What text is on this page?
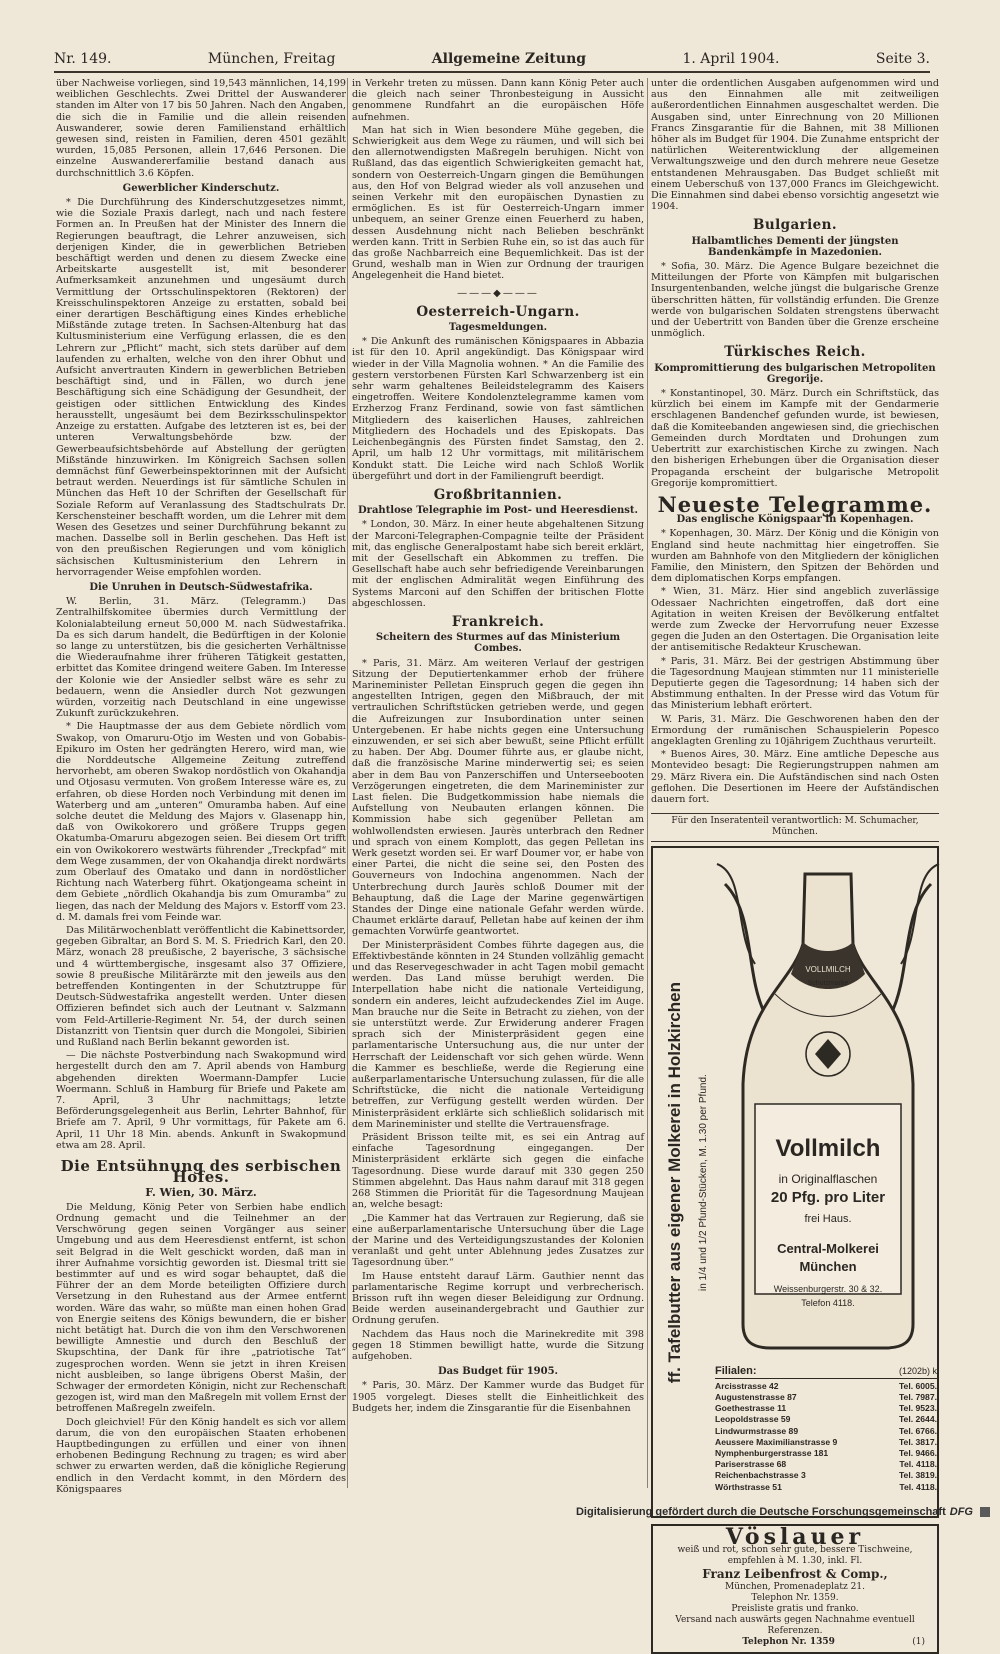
Nr. 149.	München, Freitag	Allgemeine Zeitung	1. April 1904.	Seite 3.

über Nachweise vorliegen, sind 19,543 männlichen, 14,199 weiblichen Geschlechts. Zwei Drittel der Auswanderer standen im Alter von 17 bis 50 Jahren. Nach den Angaben, die sich die in Familie und die allein reisenden Auswanderer, sowie deren Familienstand erhältlich gewesen sind, reisten in Familien, deren 4501 gezählt wurden, 15,085 Personen, allein 17,646 Personen. Die einzelne Auswandererfamilie bestand danach aus durchschnittlich 3.6 Köpfen.

Gewerblicher Kinderschutz.

* Die Durchführung des Kinderschutzgesetzes nimmt, wie die Soziale Praxis darlegt, nach und nach festere Formen an. In Preußen hat der Minister des Innern die Regierungen beauftragt, die Lehrer anzuweisen, sich derjenigen Kinder, die in gewerblichen Betrieben beschäftigt werden und denen zu diesem Zwecke eine Arbeitskarte ausgestellt ist, mit besonderer Aufmerksamkeit anzunehmen und ungesäumt durch Vermittlung der Ortsschulinspektoren (Rektoren) der Kreisschulinspektoren Anzeige zu erstatten, sobald bei einer derartigen Beschäftigung eines Kindes erhebliche Mißstände zutage treten. In Sachsen-Altenburg hat das Kultusministerium eine Verfügung erlassen, die es den Lehrern zur „Pflicht“ macht, sich stets darüber auf dem laufenden zu erhalten, welche von den ihrer Obhut und Aufsicht anvertrauten Kindern in gewerblichen Betrieben beschäftigt sind, und in Fällen, wo durch jene Beschäftigung sich eine Schädigung der Gesundheit, der geistigen oder sittlichen Entwicklung des Kindes herausstellt, ungesäumt bei dem Bezirksschulinspektor Anzeige zu erstatten. Aufgabe des letzteren ist es, bei der unteren Verwaltungsbehörde bzw. der Gewerbeaufsichtsbehörde auf Abstellung der gerügten Mißstände hinzuwirken. Im Königreich Sachsen sollen demnächst fünf Gewerbeinspektorinnen mit der Aufsicht betraut werden. Neuerdings ist für sämtliche Schulen in München das Heft 10 der Schriften der Gesellschaft für Soziale Reform auf Veranlassung des Stadtschulrats Dr. Kerschensteiner beschafft worden, um die Lehrer mit dem Wesen des Gesetzes und seiner Durchführung bekannt zu machen. Dasselbe soll in Berlin geschehen. Das Heft ist von den preußischen Regierungen und vom königlich sächsischen Kultusministerium den Lehrern in hervorragender Weise empfohlen worden.

Die Unruhen in Deutsch-Südwestafrika.

W. Berlin, 31. März. (Telegramm.) Das Zentralhilfskomitee übermies durch Vermittlung der Kolonialabteilung erneut 50,000 M. nach Südwestafrika. Da es sich darum handelt, die Bedürftigen in der Kolonie so lange zu unterstützen, bis die gesicherten Verhältnisse die Wiederaufnahme ihrer früheren Tätigkeit gestatten, erbittet das Komitee dringend weitere Gaben. Im Interesse der Kolonie wie der Ansiedler selbst wäre es sehr zu bedauern, wenn die Ansiedler durch Not gezwungen würden, vorzeitig nach Deutschland in eine ungewisse Zukunft zurückzukehren.

* Die Hauptmasse der aus dem Gebiete nördlich vom Swakop, von Omaruru-Otjo im Westen und von Gobabis-Epikuro im Osten her gedrängten Herero, wird man, wie die Norddeutsche Allgemeine Zeitung zutreffend hervorhebt, am oberen Swakop nordöstlich von Okahandja und Otjosasu vermuten. Von großem Interesse wäre es, zu erfahren, ob diese Horden noch Verbindung mit denen im Waterberg und am „unteren“ Omuramba haben. Auf eine solche deutet die Meldung des Majors v. Glasenapp hin, daß von Owikokorero und größere Trupps gegen Okatumba-Omaruru abgezogen seien. Bei diesem Ort trifft ein von Owikokorero westwärts führender „Treckpfad“ mit dem Wege zusammen, der von Okahandja direkt nordwärts zum Oberlauf des Omatako und dann in nordöstlicher Richtung nach Waterberg führt. Okatjongeama scheint in dem Gebiete „nördlich Okahandja bis zum Omuramba“ zu liegen, das nach der Meldung des Majors v. Estorff vom 23. d. M. damals frei vom Feinde war.

Das Militärwochenblatt veröffentlicht die Kabinettsorder, gegeben Gibraltar, an Bord S. M. S. Friedrich Karl, den 20. März, wonach 28 preußische, 2 bayerische, 3 sächsische und 4 württembergische, insgesamt also 37 Offiziere, sowie 8 preußische Militärärzte mit den jeweils aus den betreffenden Kontingenten in der Schutztruppe für Deutsch-Südwestafrika angestellt werden. Unter diesen Offizieren befindet sich auch der Leutnant v. Salzmann vom Feld-Artillerie-Regiment Nr. 54, der durch seinen Distanzritt von Tientsin quer durch die Mongolei, Sibirien und Rußland nach Berlin bekannt geworden ist.

— Die nächste Postverbindung nach Swakopmund wird hergestellt durch den am 7. April abends von Hamburg abgehenden direkten Woermann-Dampfer Lucie Woermann. Schluß in Hamburg für Briefe und Pakete am 7. April, 3 Uhr nachmittags; letzte Beförderungsgelegenheit aus Berlin, Lehrter Bahnhof, für Briefe am 7. April, 9 Uhr vormittags, für Pakete am 6. April, 11 Uhr 18 Min. abends. Ankunft in Swakopmund etwa am 28. April.

Die Entsühnung des serbischen Hofes.
F. Wien, 30. März.

Die Meldung, König Peter von Serbien habe endlich Ordnung gemacht und die Teilnehmer an der Verschwörung gegen seinen Vorgänger aus seiner Umgebung und aus dem Heeresdienst entfernt, ist schon seit Belgrad in die Welt geschickt worden, daß man in ihrer Aufnahme vorsichtig geworden ist. Diesmal tritt sie bestimmter auf und es wird sogar behauptet, daß die Führer der an dem Morde beteiligten Offiziere durch Versetzung in den Ruhestand aus der Armee entfernt worden. Wäre das wahr, so müßte man einen hohen Grad von Energie seitens des Königs bewundern, die er bisher nicht betätigt hat. Durch die von ihm den Verschworenen bewilligte Amnestie und durch den Beschluß der Skupschtina, der Dank für ihre „patriotische Tat“ zugesprochen worden. Wenn sie jetzt in ihren Kreisen nicht ausbleiben, so lange übrigens Oberst Mašin, der Schwager der ermordeten Königin, nicht zur Rechenschaft gezogen ist, wird man den Maßregeln mit vollem Ernst der betroffenen Maßregeln zweifeln.

Doch gleichviel! Für den König handelt es sich vor allem darum, die von den europäischen Staaten erhobenen Hauptbedingungen zu erfüllen und einer von ihnen erhobenen Bedingung Rechnung zu tragen; es wird aber schwer zu erwarten werden, daß die königliche Regierung endlich in den Verdacht kommt, in den Mördern des Königspaares

in Verkehr treten zu müssen. Dann kann König Peter auch die gleich nach seiner Thronbesteigung in Aussicht genommene Rundfahrt an die europäischen Höfe aufnehmen.

Man hat sich in Wien besondere Mühe gegeben, die Schwierigkeit aus dem Wege zu räumen, und will sich bei den allernotwendigsten Maßregeln beruhigen. Nicht von Rußland, das das eigentlich Schwierigkeiten gemacht hat, sondern von Oesterreich-Ungarn gingen die Bemühungen aus, den Hof von Belgrad wieder als voll anzusehen und seinen Verkehr mit den europäischen Dynastien zu ermöglichen. Es ist für Oesterreich-Ungarn immer unbequem, an seiner Grenze einen Feuerherd zu haben, dessen Ausdehnung nicht nach Belieben beschränkt werden kann. Tritt in Serbien Ruhe ein, so ist das auch für das große Nachbarreich eine Bequemlichkeit. Das ist der Grund, weshalb man in Wien zur Ordnung der traurigen Angelegenheit die Hand bietet.

———◆———
Oesterreich-Ungarn.
Tagesmeldungen.

* Die Ankunft des rumänischen Königspaares in Abbazia ist für den 10. April angekündigt. Das Königspaar wird wieder in der Villa Magnolia wohnen. * An die Familie des gestern verstorbenen Fürsten Karl Schwarzenberg ist ein sehr warm gehaltenes Beileidstelegramm des Kaisers eingetroffen. Weitere Kondolenztelegramme kamen vom Erzherzog Franz Ferdinand, sowie von fast sämtlichen Mitgliedern des kaiserlichen Hauses, zahlreichen Mitgliedern des Hochadels und des Episkopats. Das Leichenbegängnis des Fürsten findet Samstag, den 2. April, um halb 12 Uhr vormittags, mit militärischem Kondukt statt. Die Leiche wird nach Schloß Worlik übergeführt und dort in der Familiengruft beerdigt.

Großbritannien.
Drahtlose Telegraphie im Post- und Heeresdienst.

* London, 30. März. In einer heute abgehaltenen Sitzung der Marconi-Telegraphen-Compagnie teilte der Präsident mit, das englische Generalpostamt habe sich bereit erklärt, mit der Gesellschaft ein Abkommen zu treffen. Die Gesellschaft habe auch sehr befriedigende Vereinbarungen mit der englischen Admiralität wegen Einführung des Systems Marconi auf den Schiffen der britischen Flotte abgeschlossen.

Frankreich.
Scheitern des Sturmes auf das Ministerium Combes.

* Paris, 31. März. Am weiteren Verlauf der gestrigen Sitzung der Deputiertenkammer erhob der frühere Marineminister Pelletan Einspruch gegen die gegen ihn angestellten Intrigen, gegen den Mißbrauch, der mit vertraulichen Schriftstücken getrieben werde, und gegen die Aufreizungen zur Insubordination unter seinen Untergebenen. Er habe nichts gegen eine Untersuchung einzuwenden, er sei sich aber bewußt, seine Pflicht erfüllt zu haben. Der Abg. Doumer führte aus, er glaube nicht, daß die französische Marine minderwertig sei; es seien aber in dem Bau von Panzerschiffen und Unterseebooten Verzögerungen eingetreten, die dem Marineminister zur Last fielen. Die Budgetkommission habe niemals die Aufstellung von Neubauten erlangen können. Die Kommission habe sich gegenüber Pelletan am wohlwollendsten erwiesen. Jaurès unterbrach den Redner und sprach von einem Komplott, das gegen Pelletan ins Werk gesetzt worden sei. Er warf Doumer vor, er habe von einer Partei, die nicht die seine sei, den Posten des Gouverneurs von Indochina angenommen. Nach der Unterbrechung durch Jaurès schloß Doumer mit der Behauptung, daß die Lage der Marine gegenwärtigen Standes der Dinge eine nationale Gefahr werden würde. Chaumet erklärte darauf, Pelletan habe auf keinen der ihm gemachten Vorwürfe geantwortet.

Der Ministerpräsident Combes führte dagegen aus, die Effektivbestände könnten in 24 Stunden vollzählig gemacht und das Reservegeschwader in acht Tagen mobil gemacht werden. Das Land müsse beruhigt werden. Die Interpellation habe nicht die nationale Verteidigung, sondern ein anderes, leicht aufzudeckendes Ziel im Auge. Man brauche nur die Seite in Betracht zu ziehen, von der sie unterstützt werde. Zur Erwiderung anderer Fragen sprach sich der Ministerpräsident gegen eine parlamentarische Untersuchung aus, die nur unter der Herrschaft der Leidenschaft vor sich gehen würde. Wenn die Kammer es beschließe, werde die Regierung eine außerparlamentarische Untersuchung zulassen, für die alle Schriftstücke, die nicht die nationale Verteidigung betreffen, zur Verfügung gestellt werden würden. Der Ministerpräsident erklärte sich schließlich solidarisch mit dem Marineminister und stellte die Vertrauensfrage.

Präsident Brisson teilte mit, es sei ein Antrag auf einfache Tagesordnung eingegangen. Der Ministerpräsident erklärte sich gegen die einfache Tagesordnung. Diese wurde darauf mit 330 gegen 250 Stimmen abgelehnt. Das Haus nahm darauf mit 318 gegen 268 Stimmen die Priorität für die Tagesordnung Maujean an, welche besagt:

„Die Kammer hat das Vertrauen zur Regierung, daß sie eine außerparlamentarische Untersuchung über die Lage der Marine und des Verteidigungszustandes der Kolonien veranlaßt und geht unter Ablehnung jedes Zusatzes zur Tagesordnung über.“

Im Hause entsteht darauf Lärm. Gauthier nennt das parlamentarische Regime korrupt und verbrecherisch. Brisson ruft ihn wegen dieser Beleidigung zur Ordnung. Beide werden auseinandergebracht und Gauthier zur Ordnung gerufen.

Nachdem das Haus noch die Marinekredite mit 398 gegen 18 Stimmen bewilligt hatte, wurde die Sitzung aufgehoben.

Das Budget für 1905.

* Paris, 30. März. Der Kammer wurde das Budget für 1905 vorgelegt. Dieses stellt die Einheitlichkeit des Budgets her, indem die Zinsgarantie für die Eisenbahnen

unter die ordentlichen Ausgaben aufgenommen wird und aus den Einnahmen alle mit zeitweiligen außerordentlichen Einnahmen ausgeschaltet werden. Die Ausgaben sind, unter Einrechnung von 20 Millionen Francs Zinsgarantie für die Bahnen, mit 38 Millionen höher als im Budget für 1904. Die Zunahme entspricht der natürlichen Weiterentwicklung der allgemeinen Verwaltungszweige und den durch mehrere neue Gesetze entstandenen Mehrausgaben. Das Budget schließt mit einem Ueberschuß von 137,000 Francs im Gleichgewicht. Die Einnahmen sind dabei ebenso vorsichtig angesetzt wie 1904.

Bulgarien.
Halbamtliches Dementi der jüngsten Bandenkämpfe in Mazedonien.

* Sofia, 30. März. Die Agence Bulgare bezeichnet die Mitteilungen der Pforte von Kämpfen mit bulgarischen Insurgentenbanden, welche jüngst die bulgarische Grenze überschritten hätten, für vollständig erfunden. Die Grenze werde von bulgarischen Soldaten strengstens überwacht und der Uebertritt von Banden über die Grenze erscheine unmöglich.

Türkisches Reich.
Kompromittierung des bulgarischen Metropoliten Gregorije.

* Konstantinopel, 30. März. Durch ein Schriftstück, das kürzlich bei einem im Kampfe mit der Gendarmerie erschlagenen Bandenchef gefunden wurde, ist bewiesen, daß die Komiteebanden angewiesen sind, die griechischen Gemeinden durch Mordtaten und Drohungen zum Uebertritt zur exarchistischen Kirche zu zwingen. Nach den bisherigen Erhebungen über die Organisation dieser Propaganda erscheint der bulgarische Metropolit Gregorije kompromittiert.

Neueste Telegramme.
Das englische Königspaar in Kopenhagen.

* Kopenhagen, 30. März. Der König und die Königin von England sind heute nachmittag hier eingetroffen. Sie wurden am Bahnhofe von den Mitgliedern der königlichen Familie, den Ministern, den Spitzen der Behörden und dem diplomatischen Korps empfangen.

* Wien, 31. März. Hier sind angeblich zuverlässige Odessaer Nachrichten eingetroffen, daß dort eine Agitation in weiten Kreisen der Bevölkerung entfaltet werde zum Zwecke der Hervorrufung neuer Exzesse gegen die Juden an den Ostertagen. Die Organisation leite der antisemitische Redakteur Kruschewan.

* Paris, 31. März. Bei der gestrigen Abstimmung über die Tagesordnung Maujean stimmten nur 11 ministerielle Deputierte gegen die Tagesordnung; 14 haben sich der Abstimmung enthalten. In der Presse wird das Votum für das Ministerium lebhaft erörtert.

W. Paris, 31. März. Die Geschworenen haben den der Ermordung der rumänischen Schauspielerin Popesco angeklagten Grenling zu 10jährigem Zuchthaus verurteilt.

* Buenos Aires, 30. März. Eine amtliche Depesche aus Montevideo besagt: Die Regierungstruppen nahmen am 29. März Rivera ein. Die Aufständischen sind nach Osten geflohen. Die Desertionen im Heere der Aufständischen dauern fort.

Für den Inseratenteil verantwortlich: M. Schumacher, München.
ff. Tafelbutter aus eigener Molkerei in Holzkirchen in 1/4 und 1/2 Pfund-Stücken, M. 1.30 per Pfund.
VOLLMILCH
Schutzmarke
Vollmilch
in Originalflaschen
20 Pfg. pro Liter
frei Haus.
Central-Molkerei
München
Weissenburgerstr. 30 & 32.
Telefon 4118.
Filialen:	(1202b) k
Arcisstrasse 42	Tel. 6005.
Augustenstrasse 87	Tel. 7987.
Goethestrasse 11	Tel. 9523.
Leopoldstrasse 59	Tel. 2644.
Lindwurmstrasse 89	Tel. 6766.
Aeussere Maximilianstrasse 9	Tel. 3817.
Nymphenburgerstrasse 181	Tel. 9466.
Pariserstrasse 68	Tel. 4118.
Reichenbachstrasse 3	Tel. 3819.
Wörthstrasse 51	Tel. 4118.
Vöslauer
weiß und rot, schon sehr gute, bessere Tischweine, empfehlen à M. 1.30, inkl. Fl.
Franz Leibenfrost & Comp.,
München, Promenadeplatz 21.
Telephon Nr. 1359.
Preisliste gratis und franko.
Versand nach auswärts gegen Nachnahme eventuell Referenzen.
Telephon Nr. 1359	(1)
Digitalisierung gefördert durch die Deutsche Forschungsgemeinschaft DFG
